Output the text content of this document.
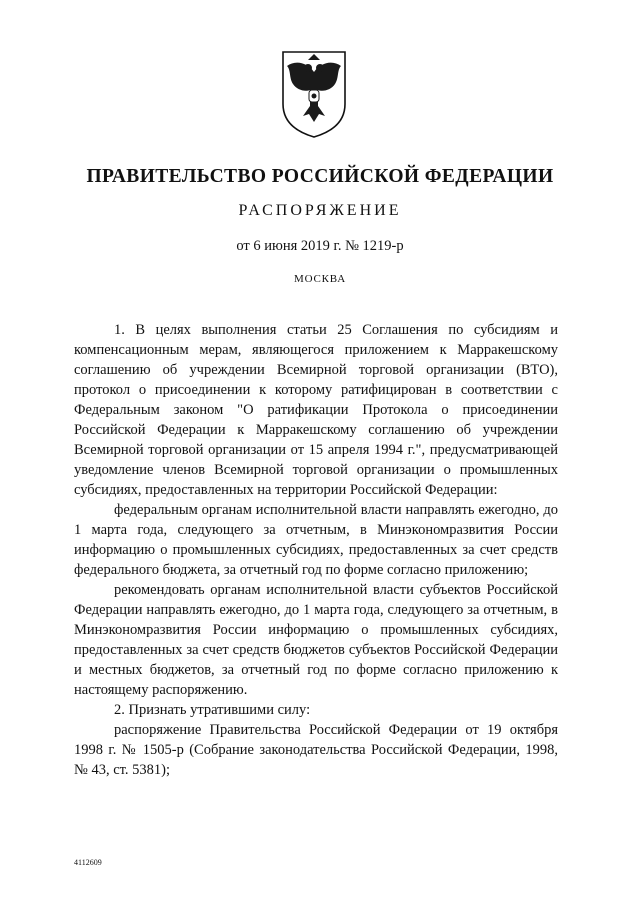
ПРАВИТЕЛЬСТВО РОССИЙСКОЙ ФЕДЕРАЦИИ
РАСПОРЯЖЕНИЕ
от 6 июня 2019 г. № 1219-р
МОСКВА

1. В целях выполнения статьи 25 Соглашения по субсидиям и компенсационным мерам, являющегося приложением к Марракешскому соглашению об учреждении Всемирной торговой организации (ВТО), протокол о присоединении к которому ратифицирован в соответствии с Федеральным законом "О ратификации Протокола о присоединении Российской Федерации к Марракешскому соглашению об учреждении Всемирной торговой организации от 15 апреля 1994 г.", предусматривающей уведомление членов Всемирной торговой организации о промышленных субсидиях, предоставленных на территории Российской Федерации:

федеральным органам исполнительной власти направлять ежегодно, до 1 марта года, следующего за отчетным, в Минэкономразвития России информацию о промышленных субсидиях, предоставленных за счет средств федерального бюджета, за отчетный год по форме согласно приложению;

рекомендовать органам исполнительной власти субъектов Российской Федерации направлять ежегодно, до 1 марта года, следующего за отчетным, в Минэкономразвития России информацию о промышленных субсидиях, предоставленных за счет средств бюджетов субъектов Российской Федерации и местных бюджетов, за отчетный год по форме согласно приложению к настоящему распоряжению.

2. Признать утратившими силу:

распоряжение Правительства Российской Федерации от 19 октября 1998 г. № 1505-р (Собрание законодательства Российской Федерации, 1998, № 43, ст. 5381);

4112609
